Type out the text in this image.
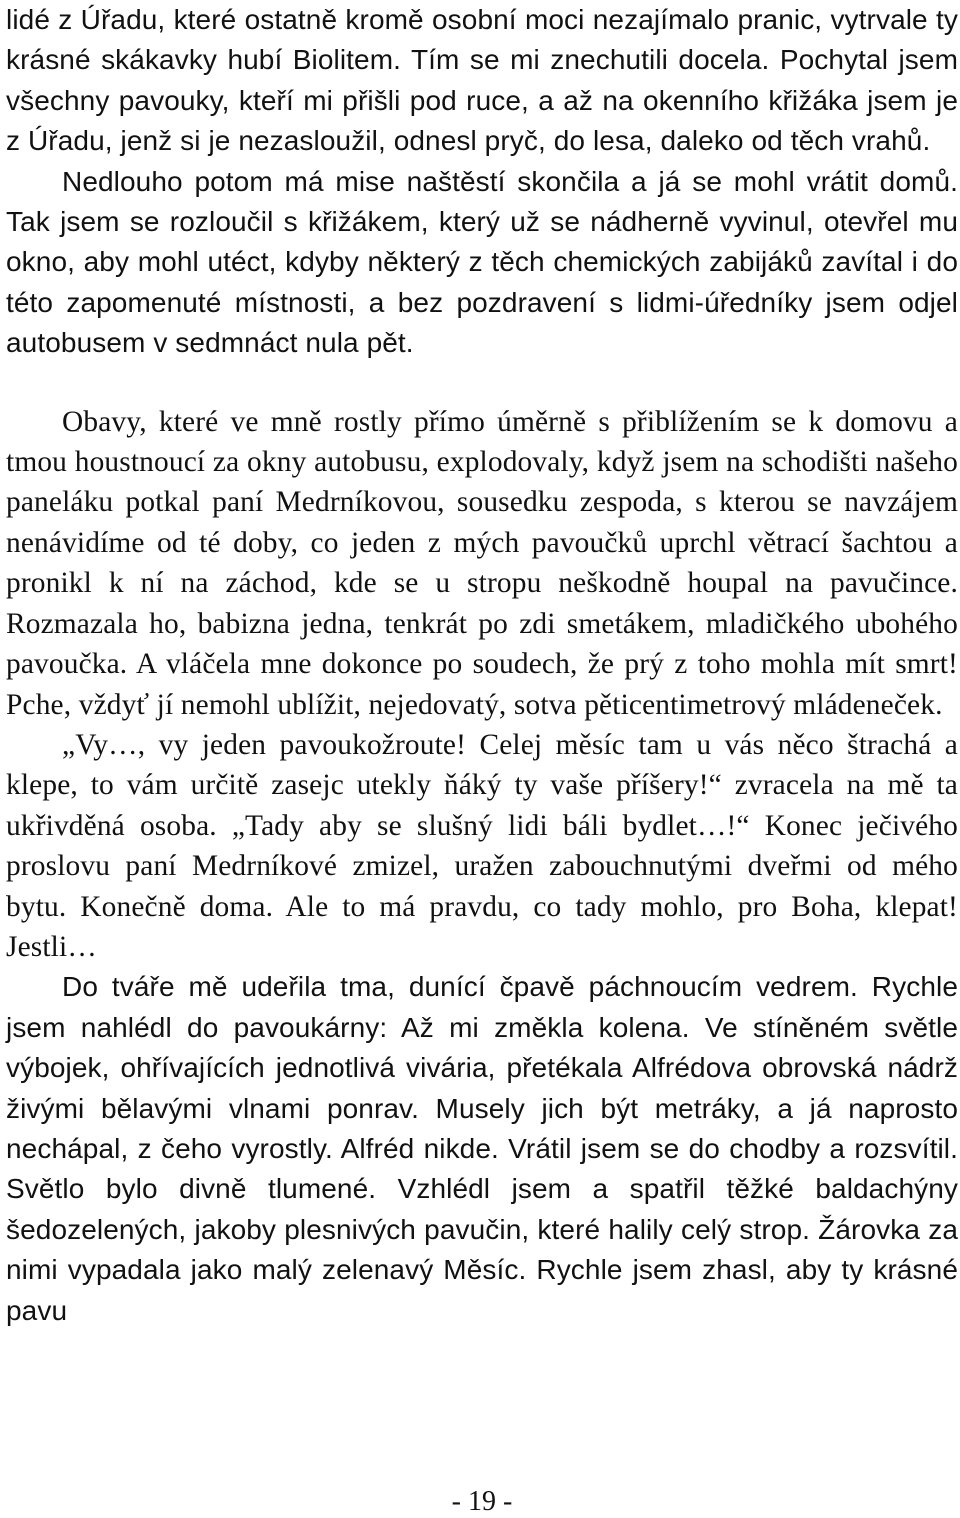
lidé z Úřadu, které ostatně kromě osobní moci nezajímalo pranic, vytrvale ty krásné skákavky hubí Biolitem. Tím se mi znechutili docela. Pochytal jsem všechny pavouky, kteří mi přišli pod ruce, a až na okenního křižáka jsem je z Úřadu, jenž si je nezasloužil, odnesl pryč, do lesa, daleko od těch vrahů.

Nedlouho potom má mise naštěstí skončila a já se mohl vrátit domů. Tak jsem se rozloučil s křižákem, který už se nádherně vyvinul, otevřel mu okno, aby mohl utéct, kdyby některý z těch chemických zabijáků zavítal i do této zapomenuté místnosti, a bez pozdravení s lidmi-úředníky jsem odjel autobusem v sedmnáct nula pět.

Obavy, které ve mně rostly přímo úměrně s přiblížením se k domovu a tmou houstnoucí za okny autobusu, explodovaly, když jsem na schodišti našeho paneláku potkal paní Medrníkovou, sousedku zespoda, s kterou se navzájem nenávidíme od té doby, co jeden z mých pavoučků uprchl větrací šachtou a pronikl k ní na záchod, kde se u stropu neškodně houpal na pavučince. Rozmazala ho, babizna jedna, tenkrát po zdi smetákem, mladičkého ubohého pavoučka. A vláčela mne dokonce po soudech, že prý z toho mohla mít smrt! Pche, vždyť jí nemohl ublížit, nejedovatý, sotva pěticentimetrový mládeneček.

„Vy…, vy jeden pavoukožroute! Celej měsíc tam u vás něco štrachá a klepe, to vám určitě zasejc utekly ňáký ty vaše příšery!“ zvracela na mě ta ukřivděná osoba. „Tady aby se slušný lidi báli bydlet…!“ Konec ječivého proslovu paní Medrníkové zmizel, uražen zabouchnutými dveřmi od mého bytu. Konečně doma. Ale to má pravdu, co tady mohlo, pro Boha, klepat! Jestli…

Do tváře mě udeřila tma, dunící čpavě páchnoucím vedrem. Rychle jsem nahlédl do pavoukárny: Až mi změkla kolena. Ve stíněném světle výbojek, ohřívajících jednotlivá vivária, přetékala Alfrédova obrovská nádrž živými bělavými vlnami ponrav. Musely jich být metráky, a já naprosto nechápal, z čeho vyrostly. Alfréd nikde. Vrátil jsem se do chodby a rozsvítil. Světlo bylo divně tlumené. Vzhlédl jsem a spatřil těžké baldachýny šedozelených, jakoby plesnivých pavučin, které halily celý strop. Žárovka za nimi vypadala jako malý zelenavý Měsíc. Rychle jsem zhasl, aby ty krásné pavu

- 19 -
